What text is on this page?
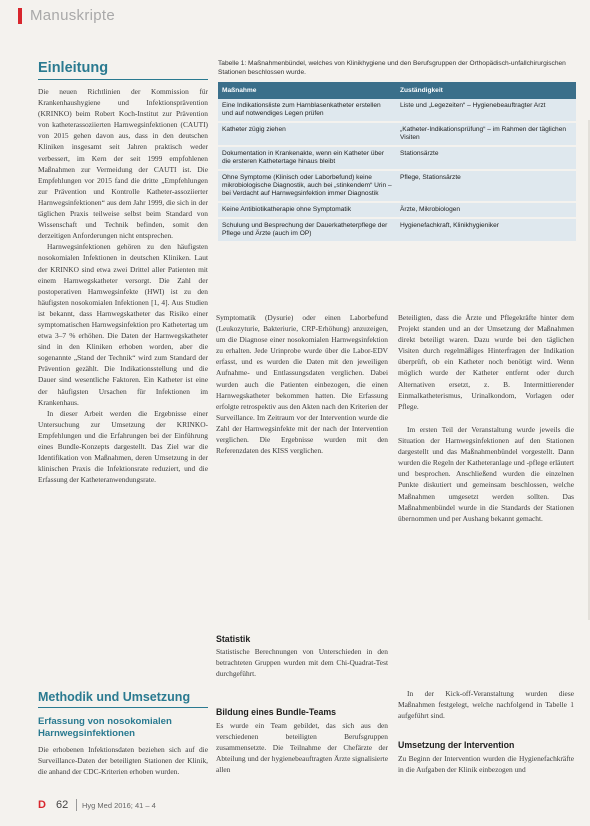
Manuskripte
Einleitung

Die neuen Richtlinien der Kommission für Krankenhaushygiene und Infektionsprävention (KRINKO) beim Robert Koch-Institut zur Prävention von katheterassoziierten Harnwegsinfektionen (CAUTI) von 2015 gehen davon aus, dass in den deutschen Kliniken insgesamt seit Jahren praktisch weder verbessert, im Kern der seit 1999 empfohlenen Maßnahmen zur Vermeidung der CAUTI ist. Die Empfehlungen vor 2015 fand die dritte „Empfehlungen zur Prävention und Kontrolle Katheter-assoziierter Harnwegsinfektionen“ aus dem Jahr 1999, die sich in der täglichen Praxis teilweise selbst beim Standard von Wissenschaft und Technik befinden, somit den derzeitigen Anforderungen nicht entsprechen.

Harnwegsinfektionen gehören zu den häufigsten nosokomialen Infektionen in deutschen Kliniken. Laut der KRINKO sind etwa zwei Drittel aller Patienten mit einem Harnwegskatheter versorgt. Die Zahl der postoperativen Harnwegsinfekte (HWI) ist zu den häufigsten nosokomialen Infektionen [1, 4]. Aus Studien ist bekannt, dass Harnwegskatheter das Risiko einer symptomatischen Harnwegsinfektion pro Kathetertag um etwa 3–7 % erhöhen. Die Daten der Harnwegskatheter sind in den Kliniken erhoben worden, aber die sogenannte „Stand der Technik“ wird zum Standard der Prävention gezählt. Die Indikationsstellung und die Dauer sind wesentliche Faktoren. Ein Katheter ist eine der häufigsten Ursachen für Infektionen im Krankenhaus.

In dieser Arbeit werden die Ergebnisse einer Untersuchung zur Umsetzung der KRINKO-Empfehlungen und die Erfahrungen bei der Einführung eines Bundle-Konzepts dargestellt. Das Ziel war die Identifikation von Maßnahmen, deren Umsetzung in der klinischen Praxis die Infektionsrate reduziert, und die Erfassung der Katheteranwendungsrate.

Methodik und Umsetzung
Erfassung von nosokomialen Harnwegsinfektionen
Die erhobenen Infektionsdaten beziehen sich auf die Surveillance-Daten der beteiligten Stationen der Klinik, die anhand der CDC-Kriterien erhoben wurden.
Tabelle 1: Maßnahmenbündel, welches von Klinikhygiene und den Berufsgruppen der Orthopädisch-unfallchirurgischen Stationen beschlossen wurde.
Maßnahme	Zuständigkeit
Eine Indikationsliste zum Harnblasenkatheter erstellen und auf notwendiges Legen prüfen	Liste und „Legezeiten“ – Hygienebeauftragter Arzt
Katheter zügig ziehen	„Katheter-Indikationsprüfung“ – im Rahmen der täglichen Visiten
Dokumentation in Krankenakte, wenn ein Katheter über die ersteren Kathetertage hinaus bleibt	Stationsärzte
Ohne Symptome (Klinisch oder Laborbefund) keine mikrobiologische Diagnostik, auch bei „stinkendem“ Urin – bei Verdacht auf Harnwegsinfektion immer Diagnostik	Pflege, Stationsärzte
Keine Antibiotikatherapie ohne Symptomatik	Ärzte, Mikrobiologen
Schulung und Besprechung der Dauerkatheterpflege der Pflege und Ärzte (auch im OP)	Hygienefachkraft, Klinikhygieniker
Symptomatik (Dysurie) oder einen Laborbefund (Leukozyturie, Bakteriurie, CRP-Erhöhung) anzuzeigen, um die Diagnose einer nosokomialen Harnwegsinfektion zu erhalten. Jede Urinprobe wurde über die Labor-EDV erfasst, und es wurden die Daten mit den jeweiligen Aufnahme- und Entlassungsdaten verglichen. Dabei wurden auch die Patienten einbezogen, die einen Harnwegskatheter bekommen hatten. Die Erfassung erfolgte retrospektiv aus den Akten nach den Kriterien der Surveillance. Im Zeitraum vor der Intervention wurde die Zahl der Harnwegsinfekte mit der nach der Intervention verglichen. Die Ergebnisse wurden mit den Referenzdaten des KISS verglichen.
Statistik
Statistische Berechnungen von Unterschieden in den betrachteten Gruppen wurden mit dem Chi-Quadrat-Test durchgeführt.
Bildung eines Bundle-Teams
Es wurde ein Team gebildet, das sich aus den verschiedenen beteiligten Berufsgruppen zusammensetzte. Die Teilnahme der Chefärzte der Abteilung und der hygienebeauftragten Ärzte signalisierte allen
Beteiligten, dass die Ärzte und Pflegekräfte hinter dem Projekt standen und an der Umsetzung der Maßnahmen direkt beteiligt waren. Dazu wurde bei den täglichen Visiten durch regelmäßiges Hinterfragen der Indikation überprüft, ob ein Katheter noch benötigt wird. Wenn möglich wurde der Katheter entfernt oder durch Alternativen ersetzt, z. B. Intermittierender Einmalkatheterismus, Urinalkondom, Vorlagen oder Pflege.
Im ersten Teil der Veranstaltung wurde jeweils die Situation der Harnwegsinfektionen auf den Stationen dargestellt und das Maßnahmenbündel vorgestellt. Dann wurden die Regeln der Katheteranlage und -pflege erläutert und besprochen. Anschließend wurden die einzelnen Punkte diskutiert und gemeinsam beschlossen, welche Maßnahmen umgesetzt werden sollten. Das Maßnahmenbündel wurde in die Standards der Stationen übernommen und per Aushang bekannt gemacht.
In der Kick-off-Veranstaltung wurden diese Maßnahmen festgelegt, welche nachfolgend in Tabelle 1 aufgeführt sind.
Umsetzung der Intervention
Zu Beginn der Intervention wurden die Hygienefachkräfte in die Aufgaben der Klinik einbezogen und
D 62 Hyg Med 2016; 41 – 4
